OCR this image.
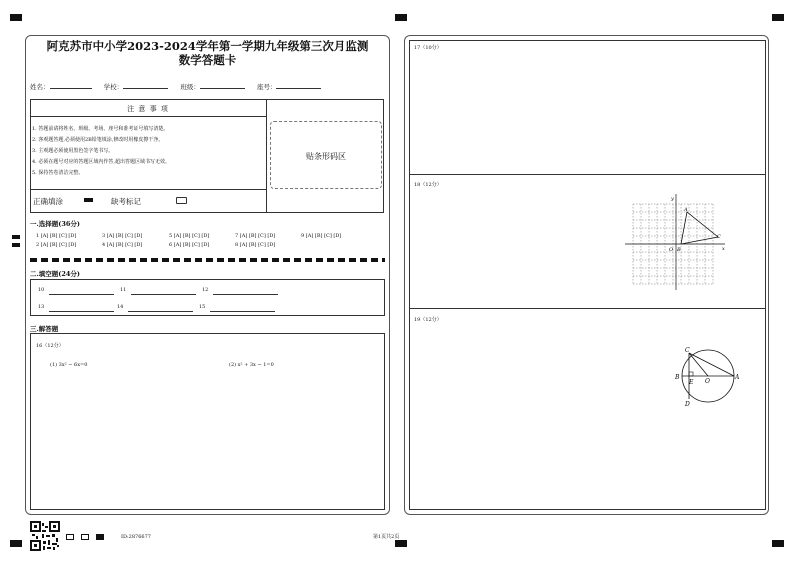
阿克苏市中小学2023-2024学年第一学期九年级第三次月监测
数学答题卡
姓名：	学校：	班级：	座号：
注 意 事 项
1. 答题前请将姓名、班级、考场、座号和准考证号填写清楚。
2. 客观题答题,必须使用2B铅笔填涂,修改时用橡皮擦干净。
3. 主观题必须使用黑色签字笔书写。
4. 必须在题号对应的答题区域内作答,超出答题区域书写无效。
5. 保持答卷清洁完整。
贴条形码区
正确填涂	缺考标记
一.选择题(36分)
1 [A] [B] [C] [D]	3 [A] [B] [C] [D]	5 [A] [B] [C] [D]	7 [A] [B] [C] [D]	9 [A] [B] [C] [D]
2 [A] [B] [C] [D]	4 [A] [B] [C] [D]	6 [A] [B] [C] [D]	8 [A] [B] [C] [D]
二.填空题(24分)
10	11	12
13	14	15
三.解答题
16（12分）
(1) 3x² − 6x=0	(2) x² + 3x − 1=0
17（10分）
18（12分）
19（12分）
y
x
O
A
B
C
C
B
E O
A
D
ID:2876677	第1页共2页
